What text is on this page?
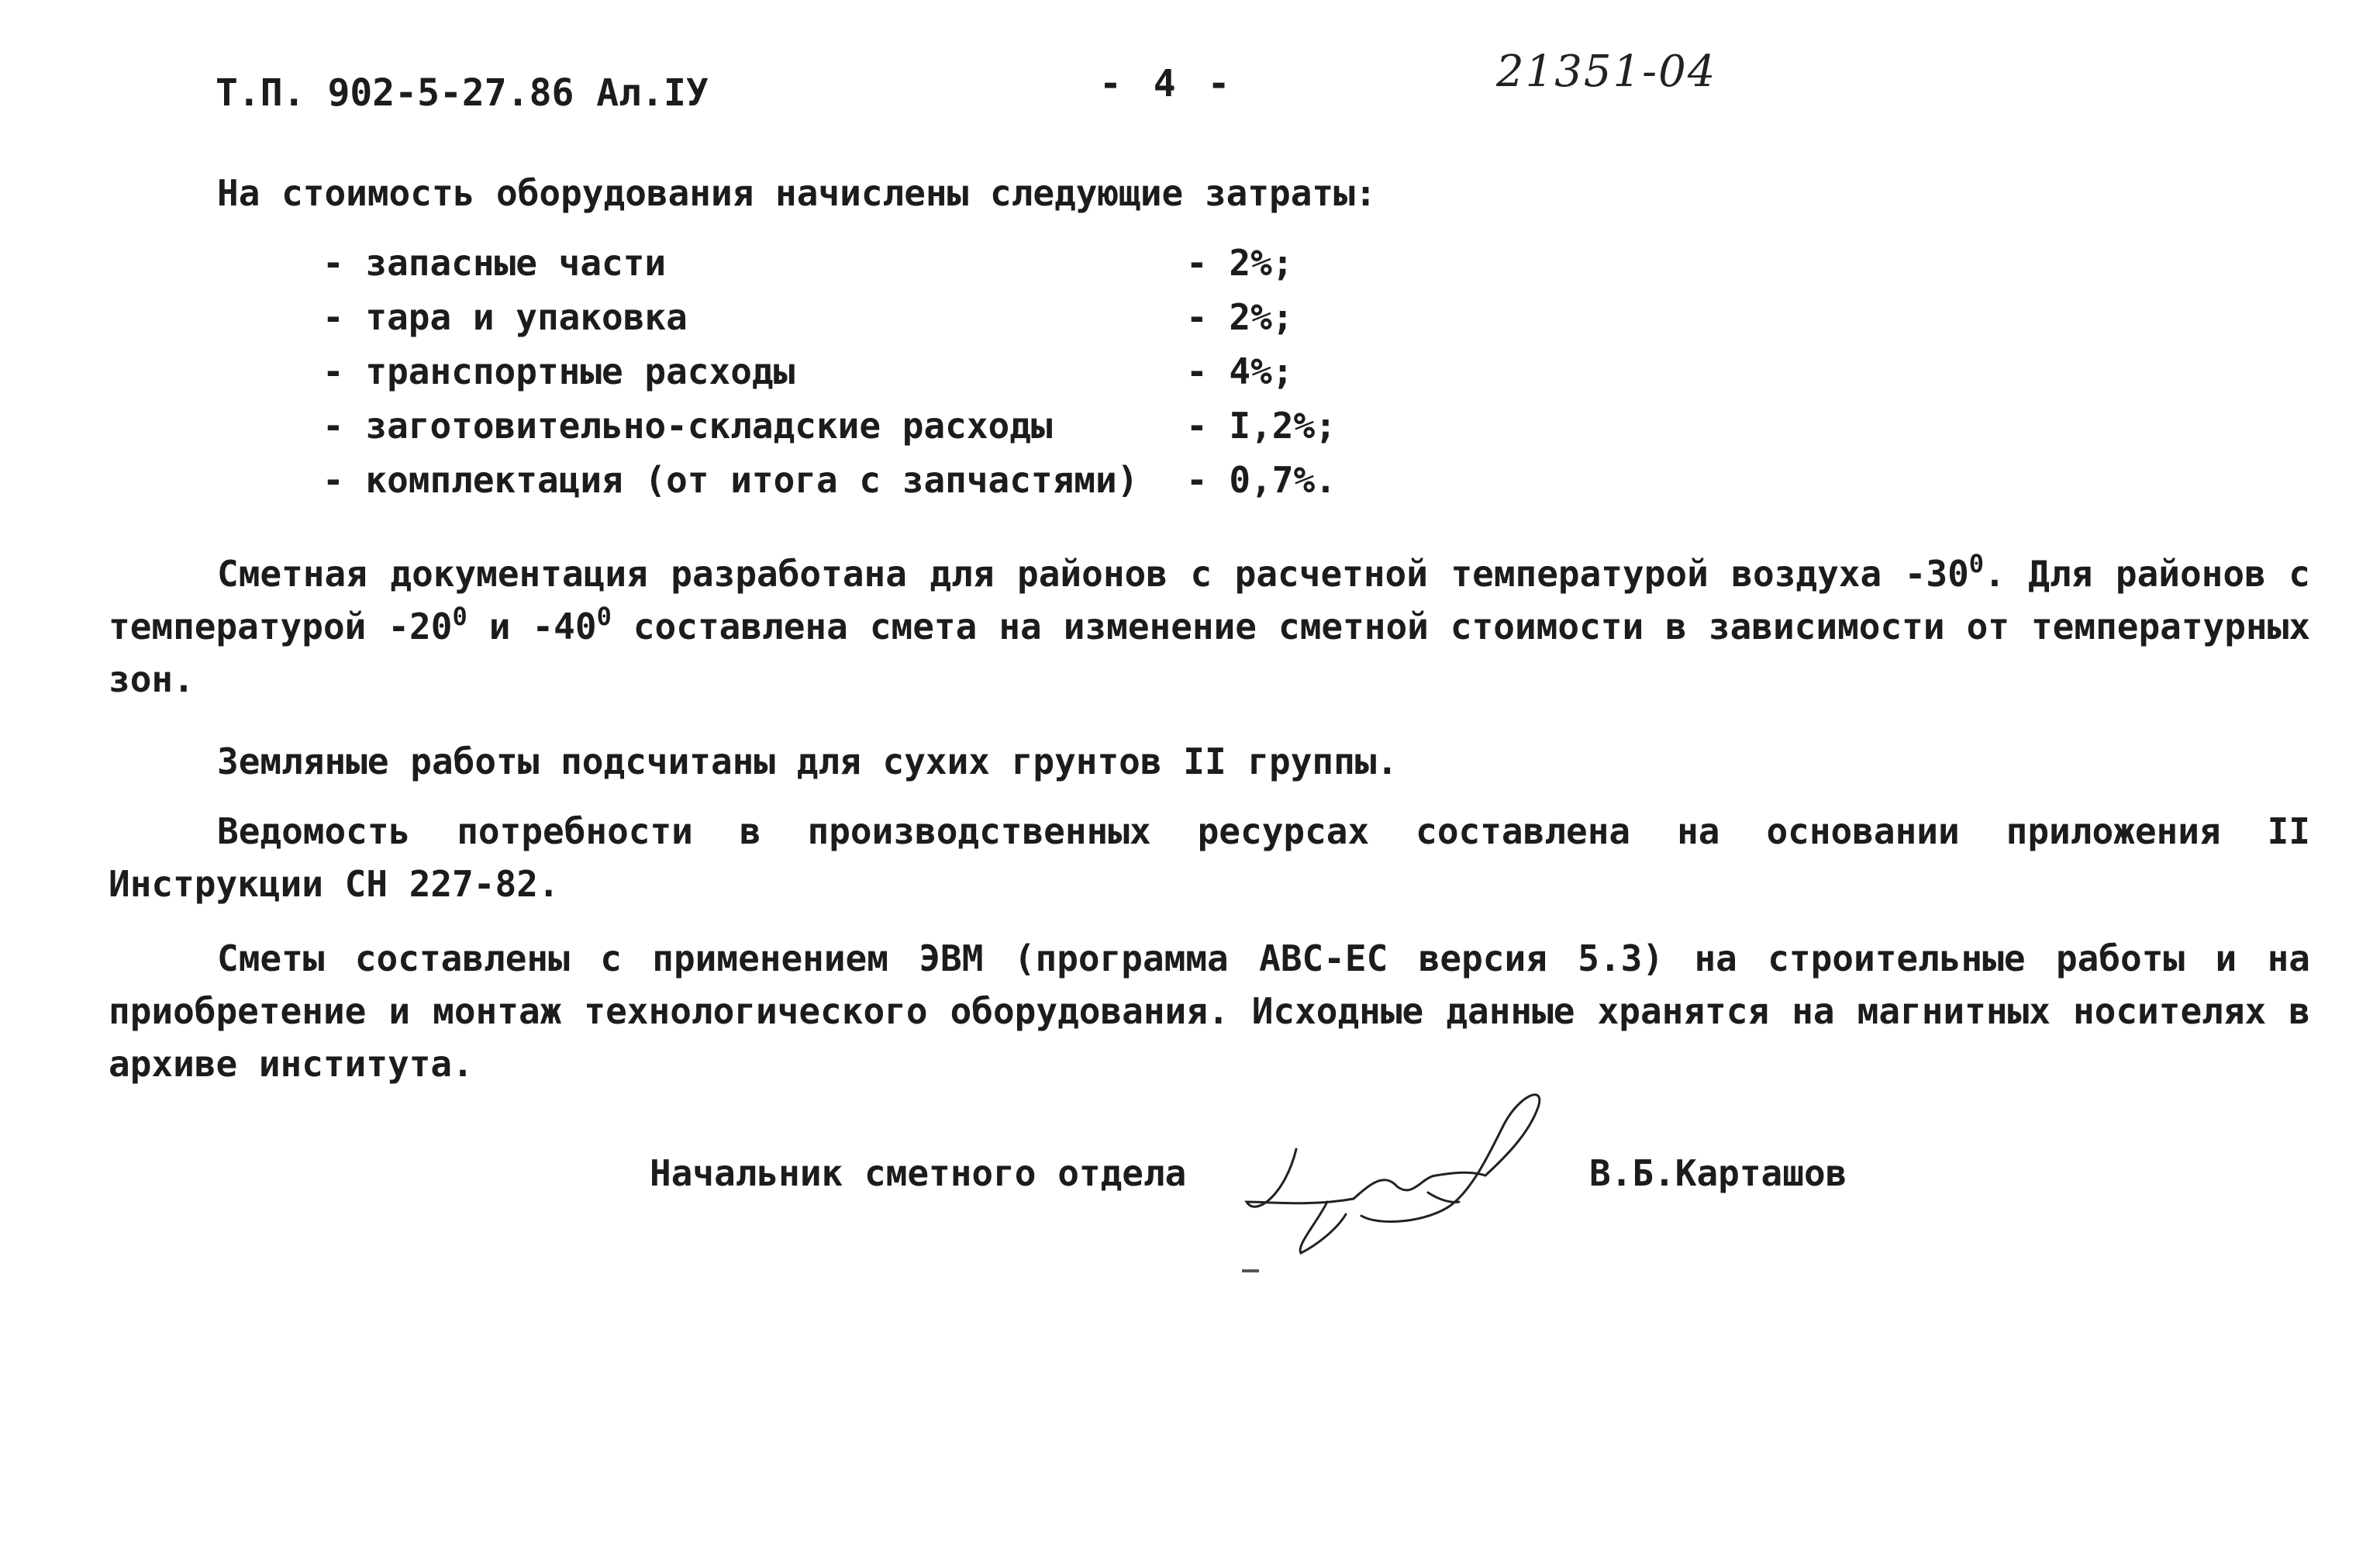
Т.П. 902-5-27.86 Ал.IУ	- 4 -	21351-04
На стоимость оборудования начислены следующие затраты:
- запасные части	- 2%;
- тара и упаковка	- 2%;
- транспортные расходы	- 4%;
- заготовительно-складские расходы	- I,2%;
- комплектация (от итога с запчастями) - 0,7%.
Сметная документация разработана для районов с расчетной температурой воздуха $-30^0$. Для районов с температурой $-20^0$ и $-40^0$ составлена смета на изменение сметной стоимости в зависимости от температурных зон.
Земляные работы подсчитаны для сухих грунтов II группы.
Ведомость потребности в производственных ресурсах составлена на основании приложения II Инструкции СН 227-82.
Сметы составлены с применением ЭВМ (программа АВС-ЕС версия 5.3) на строительные работы и на приобретение и монтаж технологического оборудования. Исходные данные хранятся на магнитных носителях в архиве института.
Начальник сметного отдела	В.Б.Карташов
